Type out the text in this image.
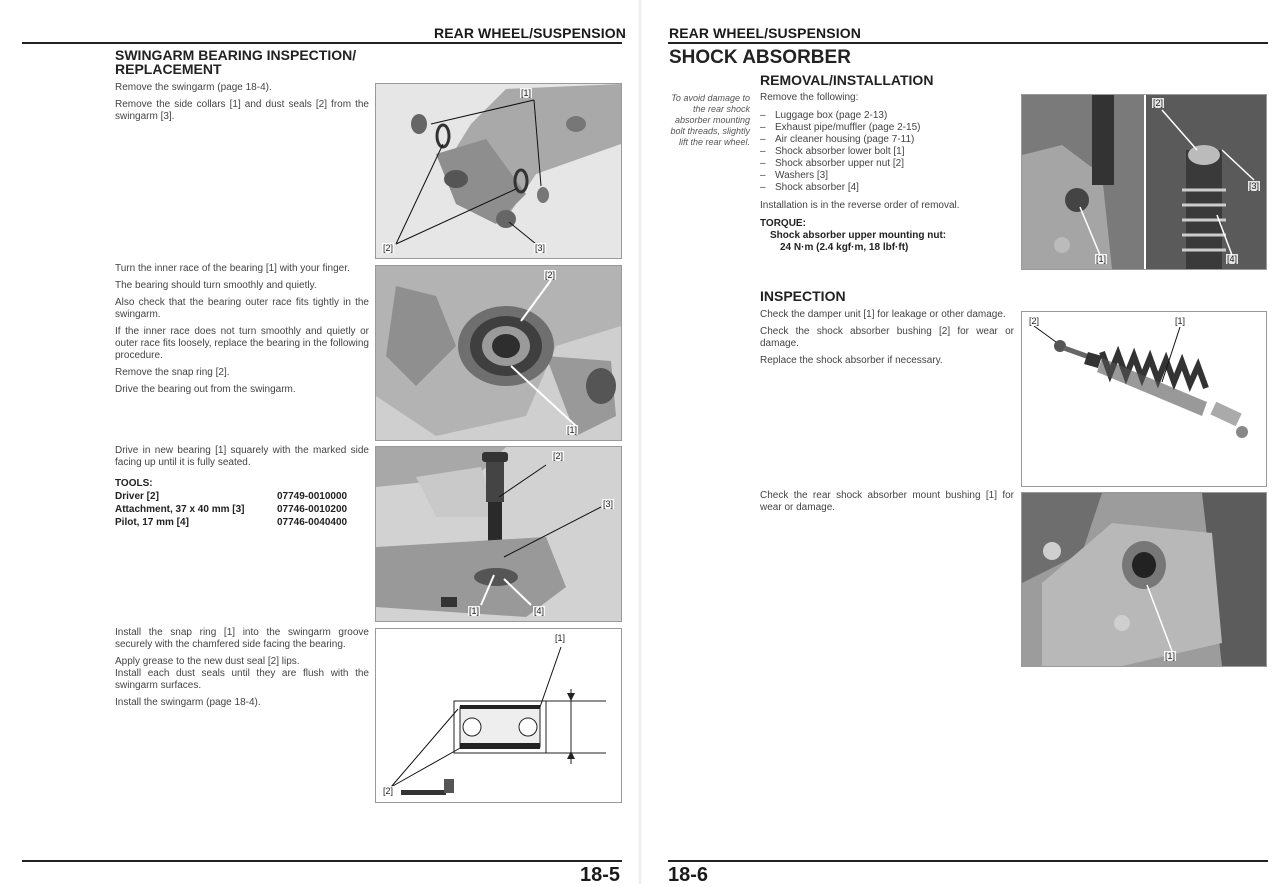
REAR WHEEL/SUSPENSION
SWINGARM BEARING INSPECTION/
REPLACEMENT

Remove the swingarm (page 18-4).

Remove the side collars [1] and dust seals [2] from the swingarm [3].

[1]
[2]	[3]

Turn the inner race of the bearing [1] with your finger.

The bearing should turn smoothly and quietly.

Also check that the bearing outer race fits tightly in the swingarm.

If the inner race does not turn smoothly and quietly or outer race fits loosely, replace the bearing in the following procedure.

Remove the snap ring [2].

Drive the bearing out from the swingarm.

[2]
[1]

Drive in new bearing [1] squarely with the marked side facing up until it is fully seated.

TOOLS:
Driver [2]	07749-0010000
Attachment, 37 x 40 mm [3]	07746-0010200
Pilot, 17 mm [4]	07746-0040400
[2]
[3]
[1]	[4]

Install the snap ring [1] into the swingarm groove securely with the chamfered side facing the bearing.

Apply grease to the new dust seal [2] lips.

Install each dust seals until they are flush with the swingarm surfaces.

Install the swingarm (page 18-4).

[1]
[2]
18-5
REAR WHEEL/SUSPENSION
SHOCK ABSORBER
REMOVAL/INSTALLATION
To avoid damage to the rear shock absorber mounting bolt threads, slightly lift the rear wheel.

Remove the following:

– Luggage box (page 2-13)
– Exhaust pipe/muffler (page 2-15)
– Air cleaner housing (page 7-11)
– Shock absorber lower bolt [1]
– Shock absorber upper nut [2]
– Washers [3]
– Shock absorber [4]

Installation is in the reverse order of removal.

TORQUE:
Shock absorber upper mounting nut:
24 N·m (2.4 kgf·m, 18 lbf·ft)
[1]
[2]
[3]
[4]
INSPECTION

Check the damper unit [1] for leakage or other damage.

Check the shock absorber bushing [2] for wear or damage.

Replace the shock absorber if necessary.

[2]	[1]

Check the rear shock absorber mount bushing [1] for wear or damage.

[1]
18-6
